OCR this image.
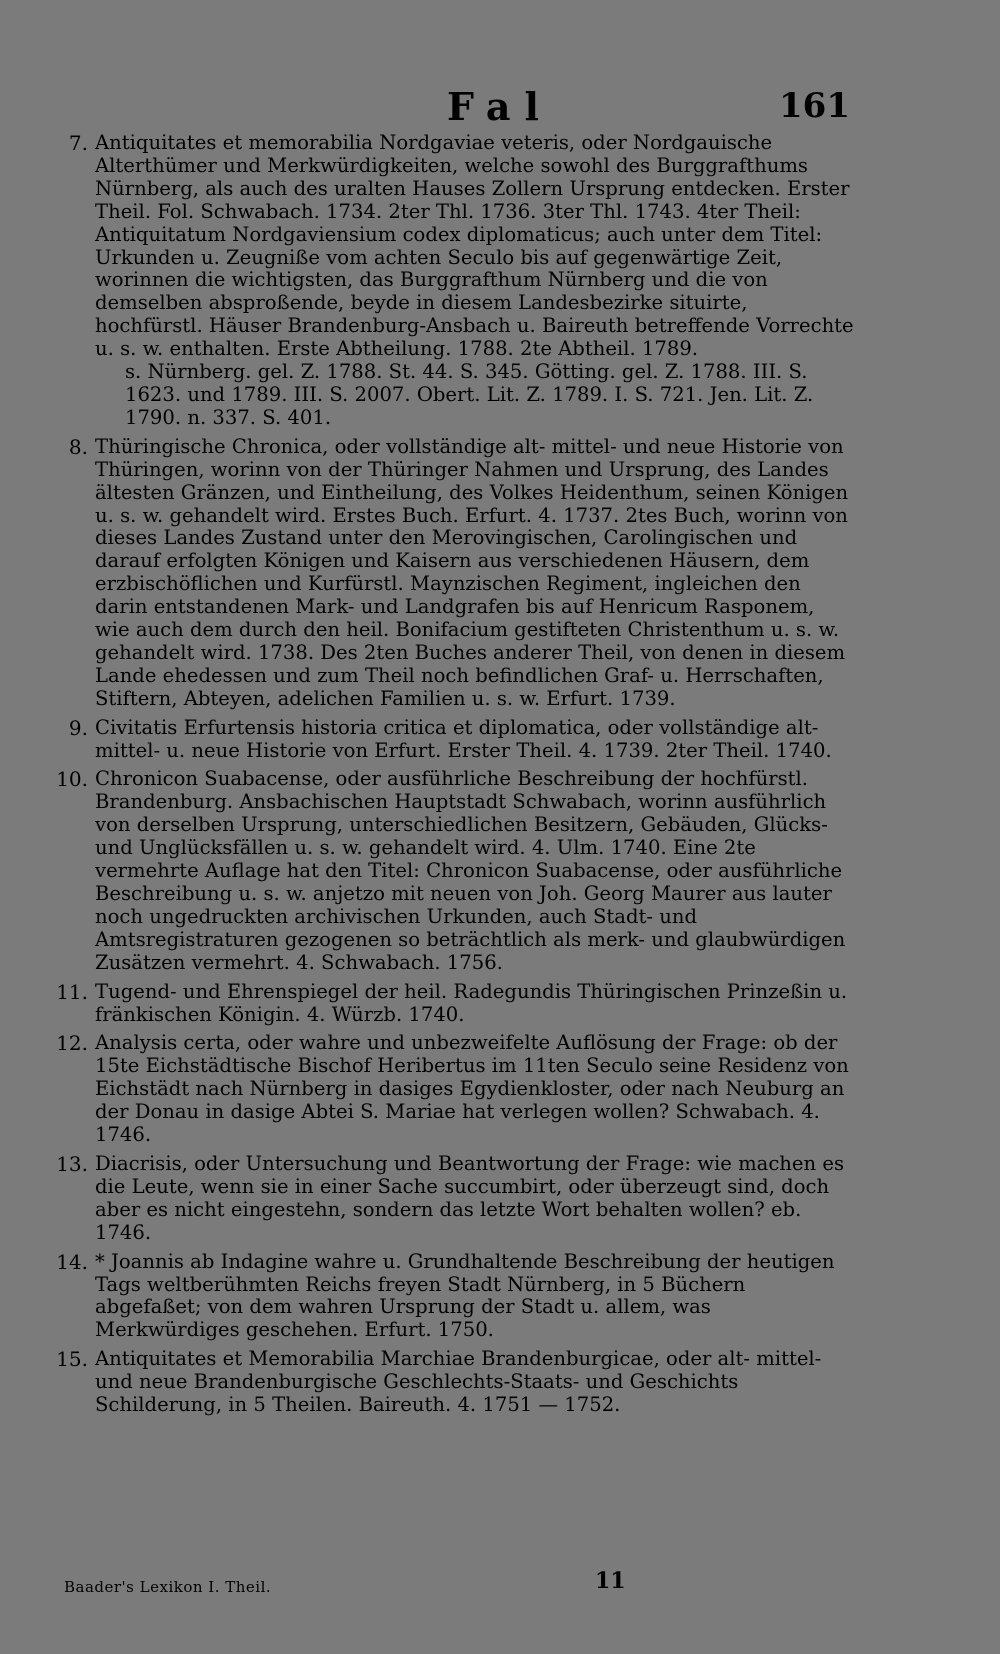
Fal	161
7. Antiquitates et memorabilia Nordgaviae veteris, oder Nordgauische Alterthümer und Merkwürdigkeiten, welche sowohl des Burggrafthums Nürnberg, als auch des uralten Hauses Zollern Ursprung entdecken. Erster Theil. Fol. Schwabach. 1734. 2ter Thl. 1736. 3ter Thl. 1743. 4ter Theil: Antiquitatum Nordgaviensium codex diplomaticus; auch unter dem Titel: Urkunden u. Zeugniße vom achten Seculo bis auf gegenwärtige Zeit, worinnen die wichtigsten, das Burggrafthum Nürnberg und die von demselben absproßende, beyde in diesem Landesbezirke situirte, hochfürstl. Häuser Brandenburg-Ansbach u. Baireuth betreffende Vorrechte u. s. w. enthalten. Erste Abtheilung. 1788. 2te Abtheil. 1789.
s. Nürnberg. gel. Z. 1788. St. 44. S. 345. Götting. gel. Z. 1788. III. S. 1623. und 1789. III. S. 2007. Obert. Lit. Z. 1789. I. S. 721. Jen. Lit. Z. 1790. n. 337. S. 401.
8. Thüringische Chronica, oder vollständige alt- mittel- und neue Historie von Thüringen, worinn von der Thüringer Nahmen und Ursprung, des Landes ältesten Gränzen, und Eintheilung, des Volkes Heidenthum, seinen Königen u. s. w. gehandelt wird. Erstes Buch. Erfurt. 4. 1737. 2tes Buch, worinn von dieses Landes Zustand unter den Merovingischen, Carolingischen und darauf erfolgten Königen und Kaisern aus verschiedenen Häusern, dem erzbischöflichen und Kurfürstl. Maynzischen Regiment, ingleichen den darin entstandenen Mark- und Landgrafen bis auf Henricum Rasponem, wie auch dem durch den heil. Bonifacium gestifteten Christenthum u. s. w. gehandelt wird. 1738. Des 2ten Buches anderer Theil, von denen in diesem Lande ehedessen und zum Theil noch befindlichen Graf- u. Herrschaften, Stiftern, Abteyen, adelichen Familien u. s. w. Erfurt. 1739.
9. Civitatis Erfurtensis historia critica et diplomatica, oder vollständige alt- mittel- u. neue Historie von Erfurt. Erster Theil. 4. 1739. 2ter Theil. 1740.
10. Chronicon Suabacense, oder ausführliche Beschreibung der hochfürstl. Brandenburg. Ansbachischen Hauptstadt Schwabach, worinn ausführlich von derselben Ursprung, unterschiedlichen Besitzern, Gebäuden, Glücks- und Unglücksfällen u. s. w. gehandelt wird. 4. Ulm. 1740. Eine 2te vermehrte Auflage hat den Titel: Chronicon Suabacense, oder ausführliche Beschreibung u. s. w. anjetzo mit neuen von Joh. Georg Maurer aus lauter noch ungedruckten archivischen Urkunden, auch Stadt- und Amtsregistraturen gezogenen so beträchtlich als merk- und glaubwürdigen Zusätzen vermehrt. 4. Schwabach. 1756.
11. Tugend- und Ehrenspiegel der heil. Radegundis Thüringischen Prinzeßin u. fränkischen Königin. 4. Würzb. 1740.
12. Analysis certa, oder wahre und unbezweifelte Auflösung der Frage: ob der 15te Eichstädtische Bischof Heribertus im 11ten Seculo seine Residenz von Eichstädt nach Nürnberg in dasiges Egydienkloster, oder nach Neuburg an der Donau in dasige Abtei S. Mariae hat verlegen wollen? Schwabach. 4. 1746.
13. Diacrisis, oder Untersuchung und Beantwortung der Frage: wie machen es die Leute, wenn sie in einer Sache succumbirt, oder überzeugt sind, doch aber es nicht eingestehn, sondern das letzte Wort behalten wollen? eb. 1746.
14. * Joannis ab Indagine wahre u. Grundhaltende Beschreibung der heutigen Tags weltberühmten Reichs freyen Stadt Nürnberg, in 5 Büchern abgefaßet; von dem wahren Ursprung der Stadt u. allem, was Merkwürdiges geschehen. Erfurt. 1750.
15. Antiquitates et Memorabilia Marchiae Brandenburgicae, oder alt- mittel- und neue Brandenburgische Geschlechts-Staats- und Geschichts Schilderung, in 5 Theilen. Baireuth. 4. 1751 — 1752.
Baader's Lexikon I. Theil.	11
